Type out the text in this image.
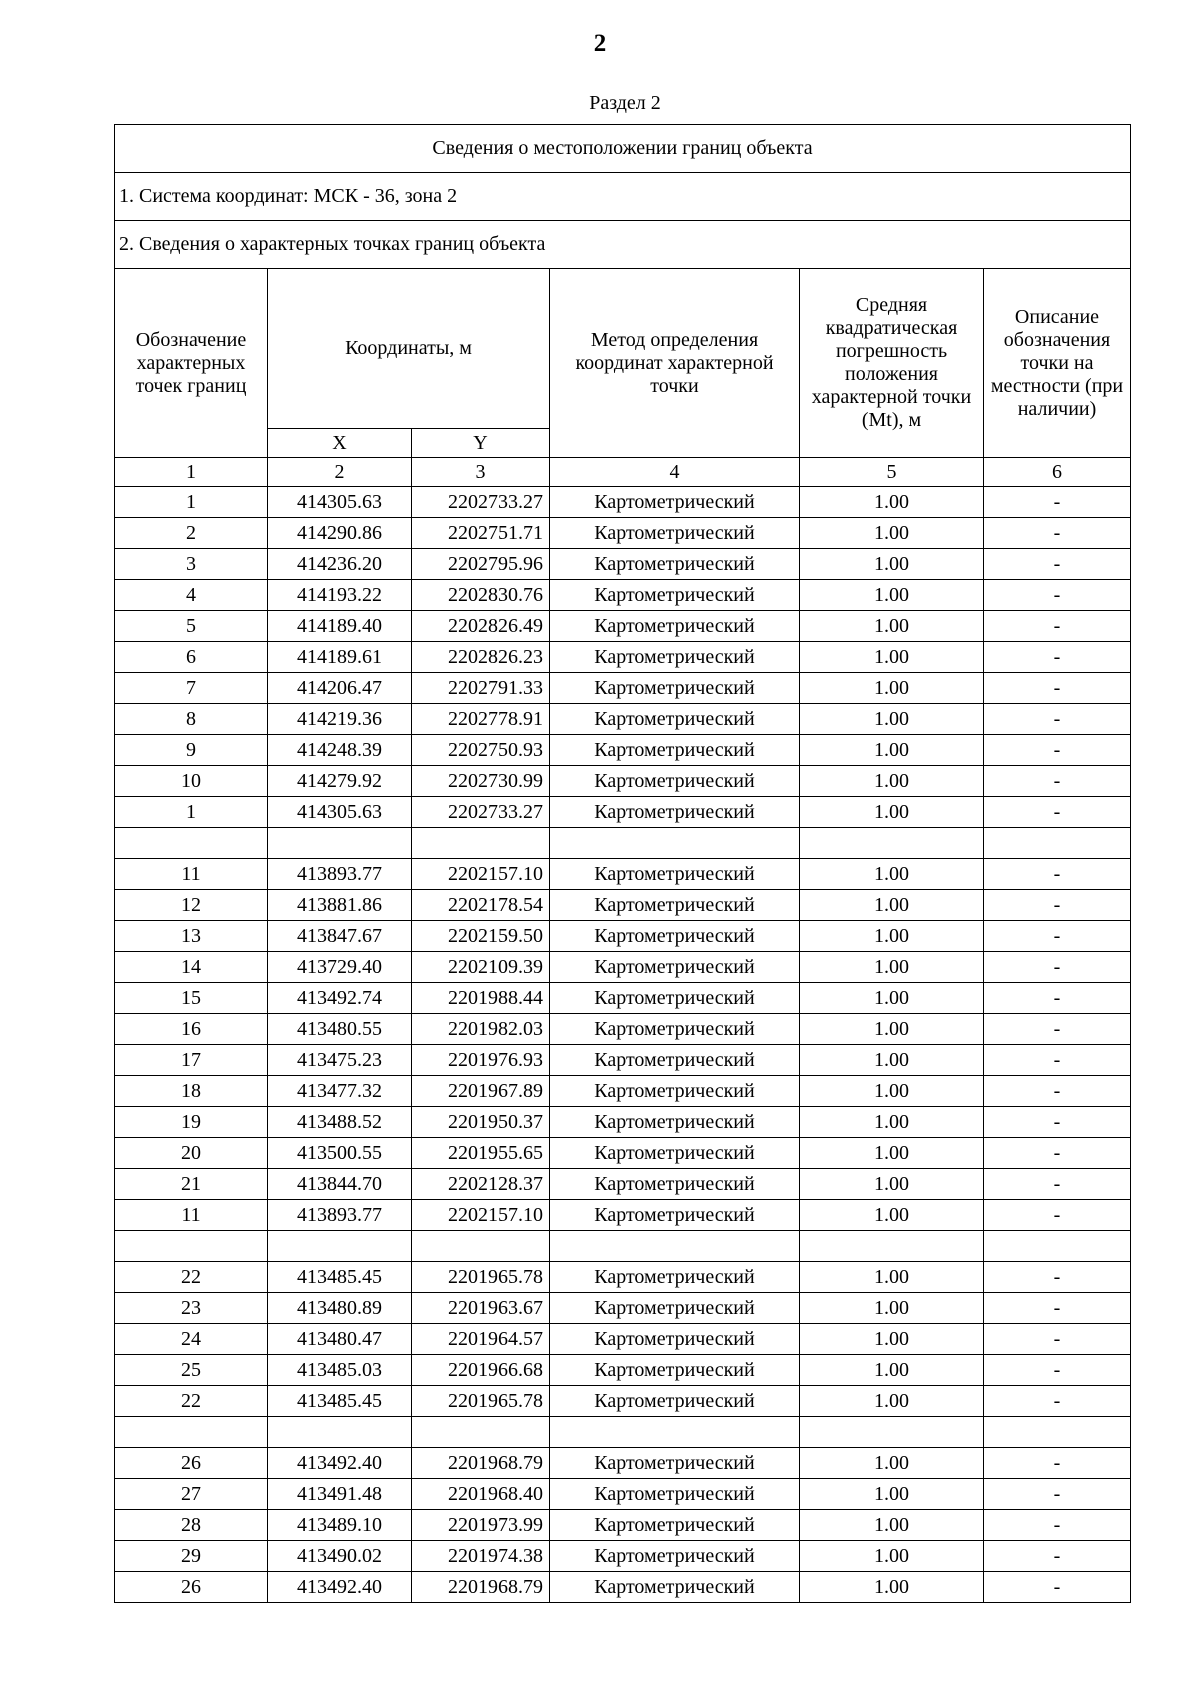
2
Раздел 2
Сведения о местоположении границ объекта					
1. Система координат: МСК - 36, зона 2					
2. Сведения о характерных точках границ объекта					
Обозначение характерных точек границ	Координаты, м		Метод определения координат характерной точки	Средняя квадратическая погрешность положения характерной точки (Mt), м	Описание обозначения точки на местности (при наличии)
	X	Y			
1	2	3	4	5	6
1	414305.63	2202733.27	Картометрический	1.00	-
2	414290.86	2202751.71	Картометрический	1.00	-
3	414236.20	2202795.96	Картометрический	1.00	-
4	414193.22	2202830.76	Картометрический	1.00	-
5	414189.40	2202826.49	Картометрический	1.00	-
6	414189.61	2202826.23	Картометрический	1.00	-
7	414206.47	2202791.33	Картометрический	1.00	-
8	414219.36	2202778.91	Картометрический	1.00	-
9	414248.39	2202750.93	Картометрический	1.00	-
10	414279.92	2202730.99	Картометрический	1.00	-
1	414305.63	2202733.27	Картометрический	1.00	-

11	413893.77	2202157.10	Картометрический	1.00	-
12	413881.86	2202178.54	Картометрический	1.00	-
13	413847.67	2202159.50	Картометрический	1.00	-
14	413729.40	2202109.39	Картометрический	1.00	-
15	413492.74	2201988.44	Картометрический	1.00	-
16	413480.55	2201982.03	Картометрический	1.00	-
17	413475.23	2201976.93	Картометрический	1.00	-
18	413477.32	2201967.89	Картометрический	1.00	-
19	413488.52	2201950.37	Картометрический	1.00	-
20	413500.55	2201955.65	Картометрический	1.00	-
21	413844.70	2202128.37	Картометрический	1.00	-
11	413893.77	2202157.10	Картометрический	1.00	-

22	413485.45	2201965.78	Картометрический	1.00	-
23	413480.89	2201963.67	Картометрический	1.00	-
24	413480.47	2201964.57	Картометрический	1.00	-
25	413485.03	2201966.68	Картометрический	1.00	-
22	413485.45	2201965.78	Картометрический	1.00	-

26	413492.40	2201968.79	Картометрический	1.00	-
27	413491.48	2201968.40	Картометрический	1.00	-
28	413489.10	2201973.99	Картометрический	1.00	-
29	413490.02	2201974.38	Картометрический	1.00	-
26	413492.40	2201968.79	Картометрический	1.00	-
